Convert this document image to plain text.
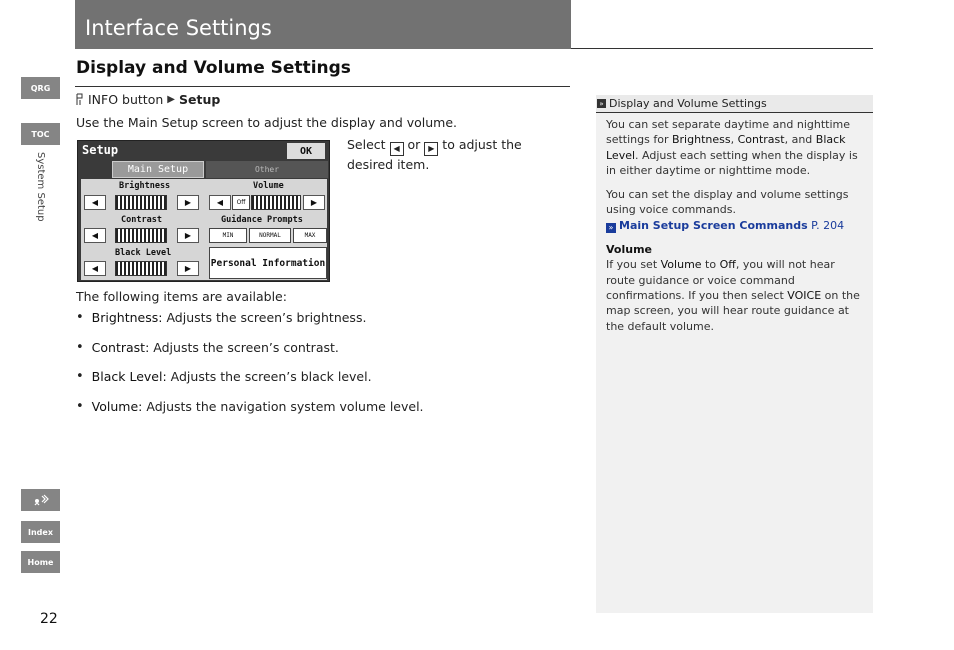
QRG
TOC
System Setup
Index
Home
22
Interface Settings
Display and Volume Settings
INFO button ▶ Setup
Use the Main Setup screen to adjust the display and volume.
Setup	OK
Main Setup	Other
Brightness
◀	▶
Volume
◀	Off	▶
Contrast
◀	▶
Guidance Prompts
MIN	NORMAL	MAX
Black Level
◀	▶	Personal Information
Select ◀ or ▶ to adjust the desired item.
The following items are available:
• Brightness: Adjusts the screen’s brightness.
• Contrast: Adjusts the screen’s contrast.
• Black Level: Adjusts the screen’s black level.
• Volume: Adjusts the navigation system volume level.
» Display and Volume Settings

You can set separate daytime and nighttime settings for Brightness, Contrast, and Black Level. Adjust each setting when the display is in either daytime or nighttime mode.

You can set the display and volume settings using voice commands.
» Main Setup Screen Commands P. 204

Volume

If you set Volume to Off, you will not hear route guidance or voice command confirmations. If you then select VOICE on the map screen, you will hear route guidance at the default volume.
